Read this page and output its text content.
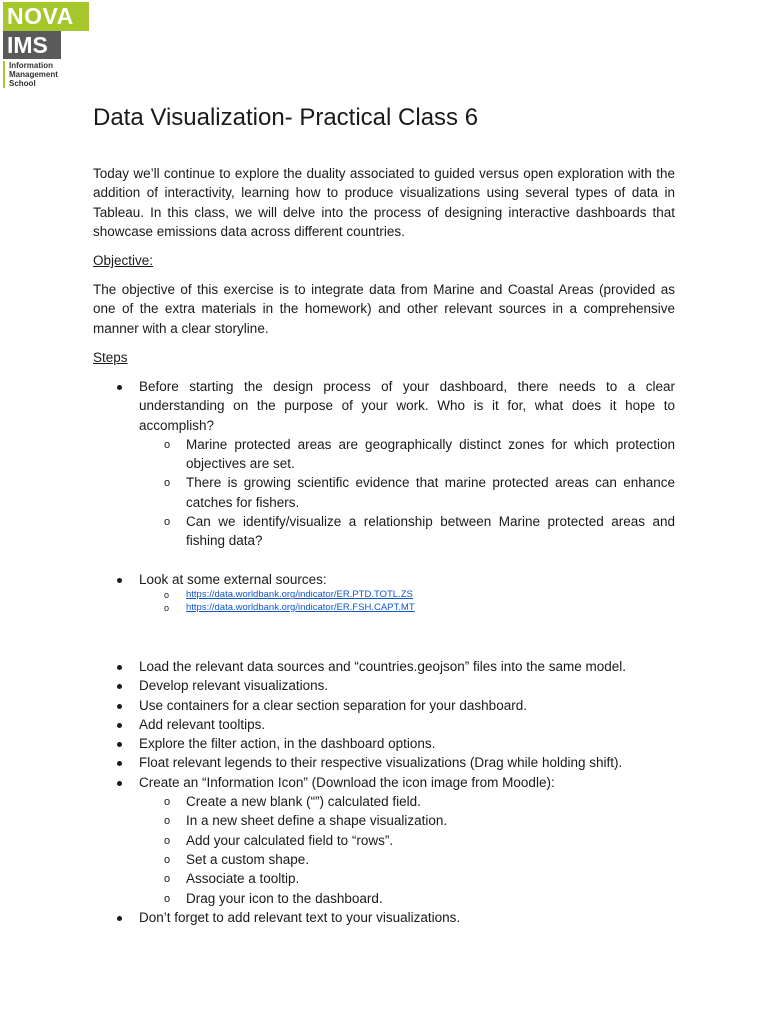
NOVA
IMS
Information
Management
School
Data Visualization- Practical Class 6

Today we’ll continue to explore the duality associated to guided versus open exploration with the addition of interactivity, learning how to produce visualizations using several types of data in Tableau. In this class, we will delve into the process of designing interactive dashboards that showcase emissions data across different countries.

Objective:

The objective of this exercise is to integrate data from Marine and Coastal Areas (provided as one of the extra materials in the homework) and other relevant sources in a comprehensive manner with a clear storyline.

Steps

Before starting the design process of your dashboard, there needs to a clear understanding on the purpose of your work. Who is it for, what does it hope to accomplish?
o Marine protected areas are geographically distinct zones for which protection objectives are set.
o There is growing scientific evidence that marine protected areas can enhance catches for fishers.
o Can we identify/visualize a relationship between Marine protected areas and fishing data?
Look at some external sources:
o https://data.worldbank.org/indicator/ER.PTD.TOTL.ZS
o https://data.worldbank.org/indicator/ER.FSH.CAPT.MT
Load the relevant data sources and “countries.geojson” files into the same model.
Develop relevant visualizations.
Use containers for a clear section separation for your dashboard.
Add relevant tooltips.
Explore the filter action, in the dashboard options.
Float relevant legends to their respective visualizations (Drag while holding shift).
Create an “Information Icon” (Download the icon image from Moodle):
o Create a new blank (“”) calculated field.
o In a new sheet define a shape visualization.
o Add your calculated field to “rows”.
o Set a custom shape.
o Associate a tooltip.
o Drag your icon to the dashboard.
Don’t forget to add relevant text to your visualizations.
